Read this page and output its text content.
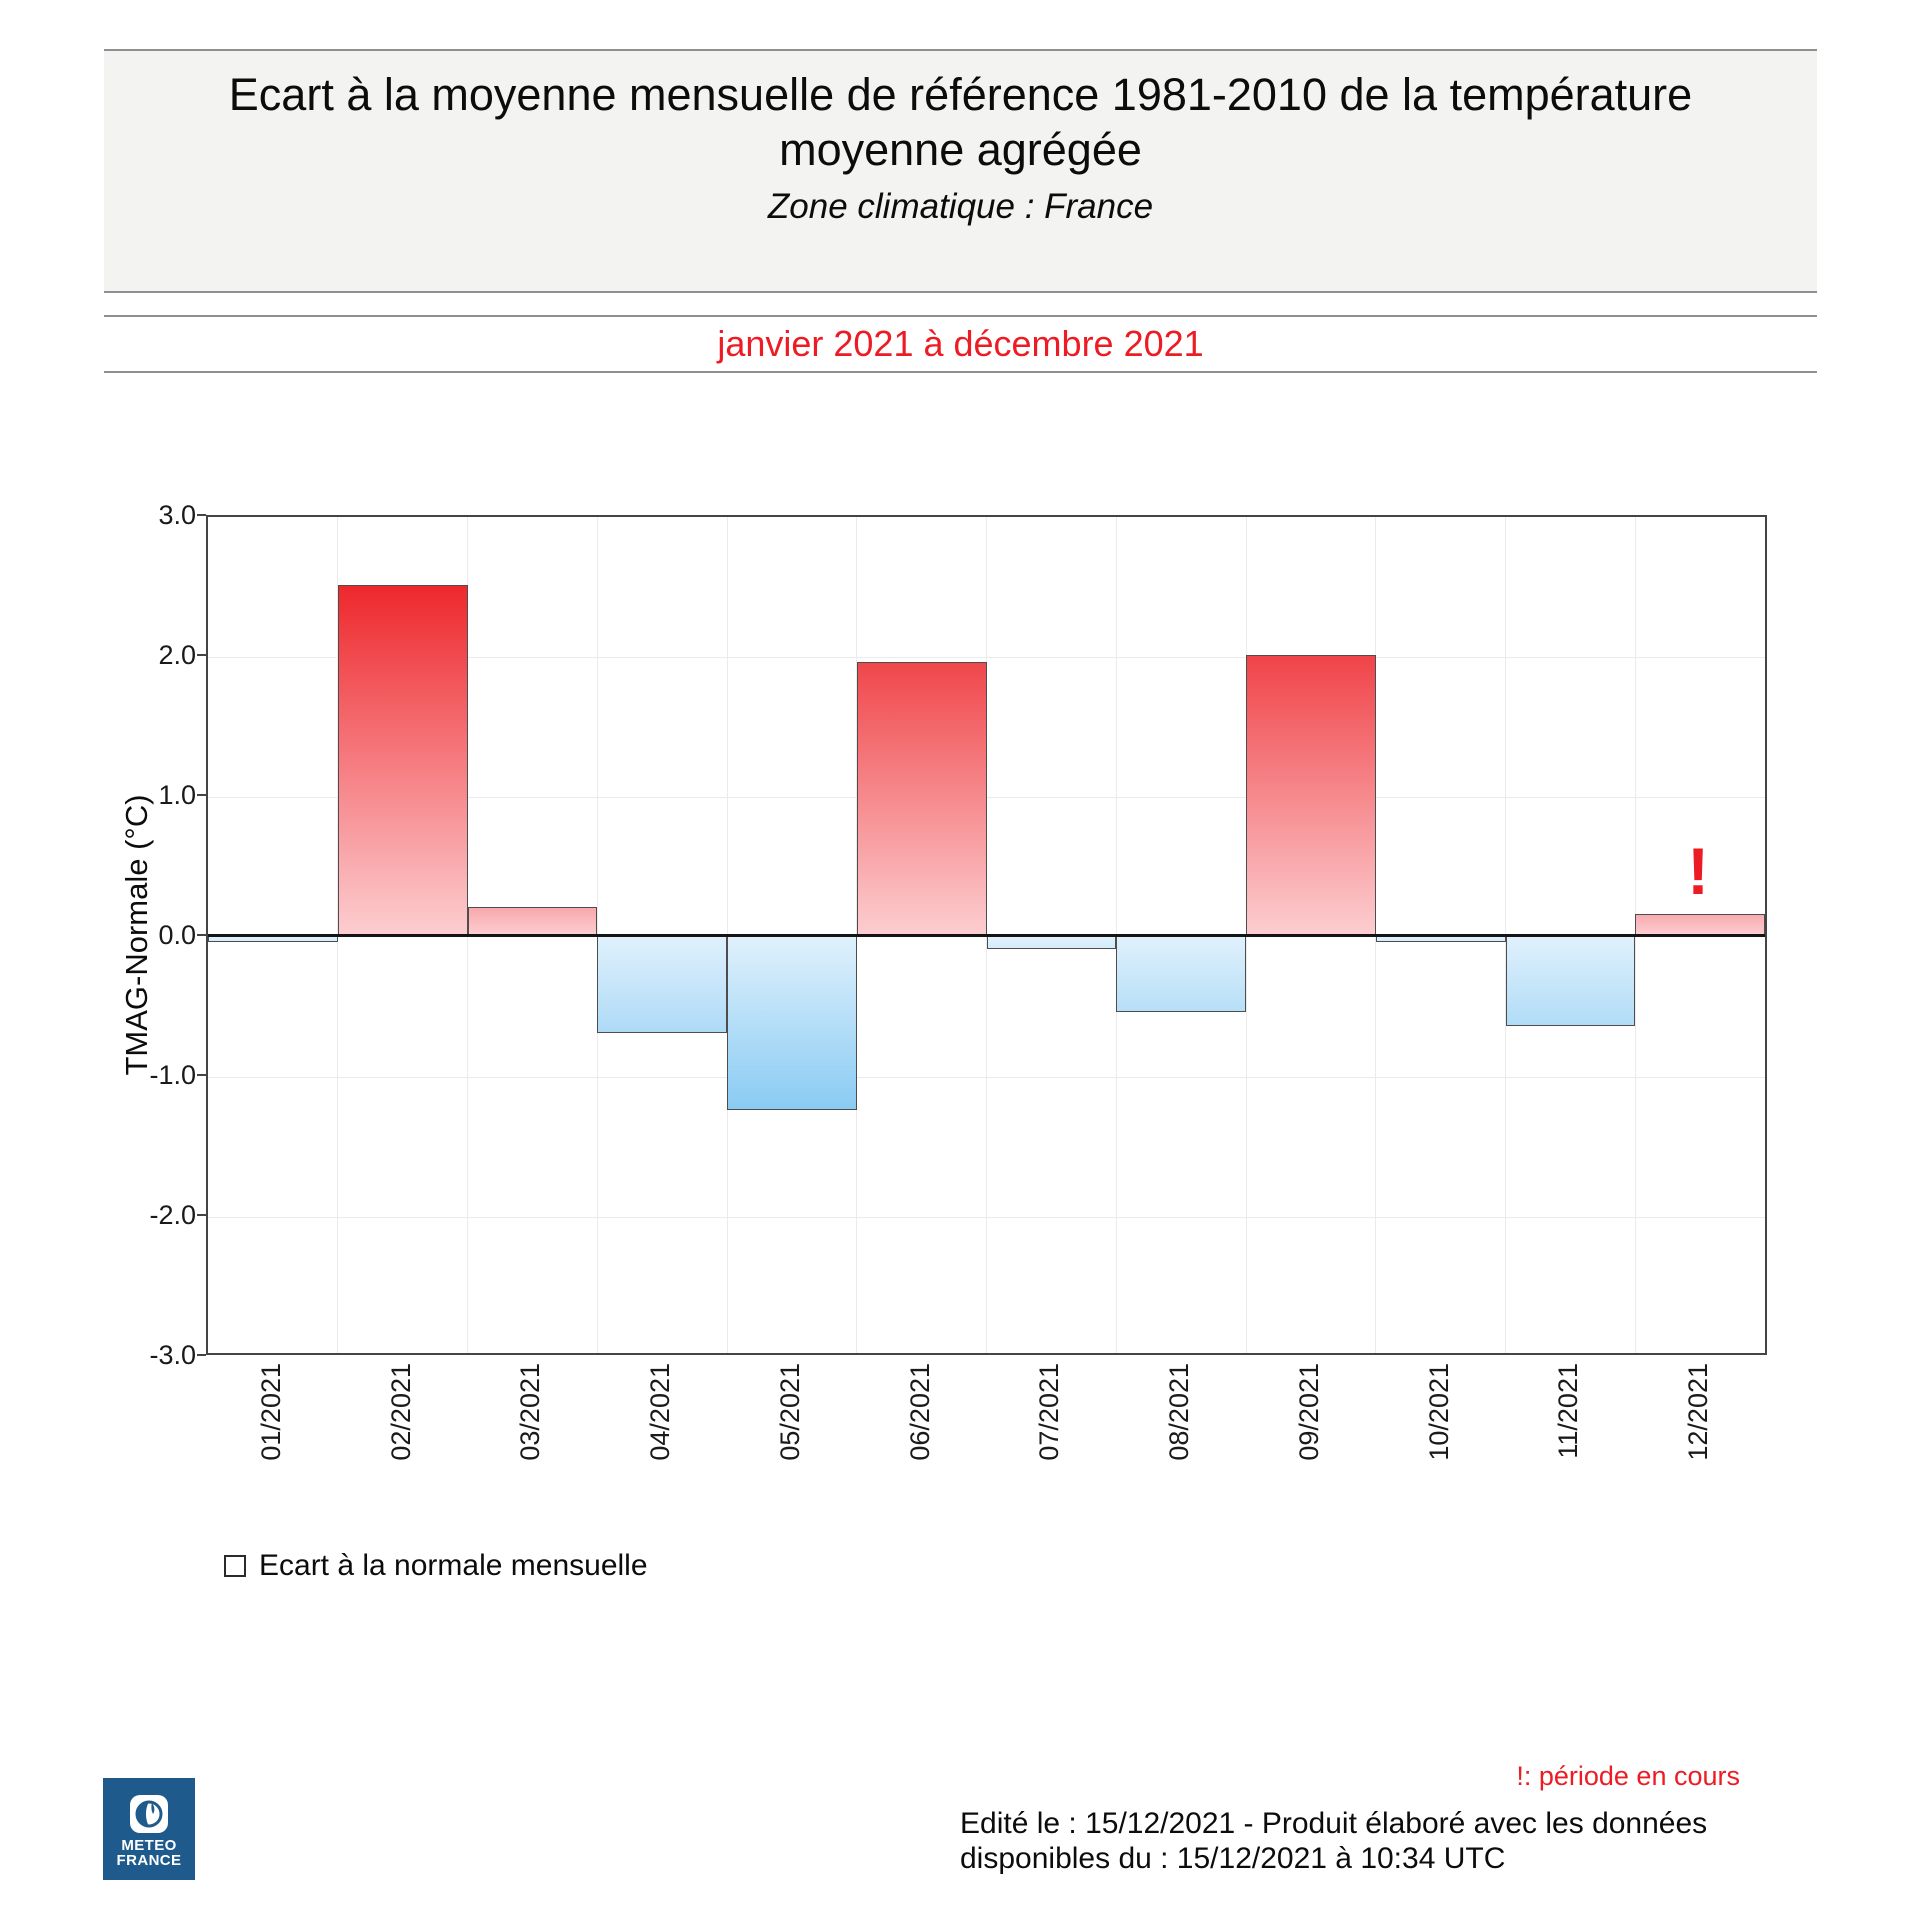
Ecart à la moyenne mensuelle de référence 1981-2010 de la température moyenne agrégée
Zone climatique : France
janvier 2021 à décembre 2021
TMAG-Normale (°C)
3.0
2.0
1.0
0.0
-1.0
-2.0
-3.0
01/2021	02/2021	03/2021	04/2021	05/2021	06/2021	07/2021	08/2021	09/2021	10/2021	11/2021	12/2021
!
Ecart à la normale mensuelle
!: période en cours
Edité le : 15/12/2021 - Produit élaboré avec les données
disponibles du : 15/12/2021 à 10:34 UTC
METEO
FRANCE
